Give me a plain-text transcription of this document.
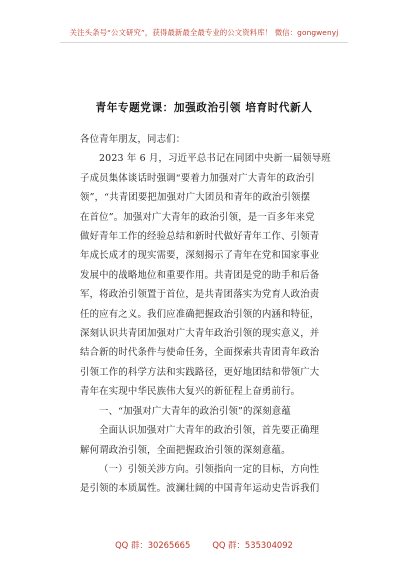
关注头条号“公文研究”，获得最新最全最专业的公文资料库！ 微信：gongwenyj
青年专题党课：加强政治引领 培育时代新人
各位青年朋友，同志们：
2023 年 6 月，习近平总书记在同团中央新一届领导班
子成员集体谈话时强调“要着力加强对广大青年的政治引
领”，“共青团要把加强对广大团员和青年的政治引领摆
在首位”。加强对广大青年的政治引领，是一百多年来党
做好青年工作的经验总结和新时代做好青年工作、引领青
年成长成才的现实需要，深刻揭示了青年在党和国家事业
发展中的战略地位和重要作用。共青团是党的助手和后备
军，将政治引领置于首位，是共青团落实为党育人政治责
任的应有之义。我们应准确把握政治引领的内涵和特征，
深刻认识共青团加强对广大青年政治引领的现实意义，并
结合新的时代条件与使命任务，全面探索共青团青年政治
引领工作的科学方法和实践路径，更好地团结和带领广大
青年在实现中华民族伟大复兴的新征程上奋勇前行。
一、“加强对广大青年的政治引领”的深刻意蕴
全面认识加强对广大青年的政治引领，首先要正确理
解何谓政治引领，全面把握政治引领的深刻意蕴。
（一）引领关涉方向。引领指向一定的目标，方向性
是引领的本质属性。波澜壮阔的中国青年运动史告诉我们
QQ 群：30265665	QQ 群：535304092
